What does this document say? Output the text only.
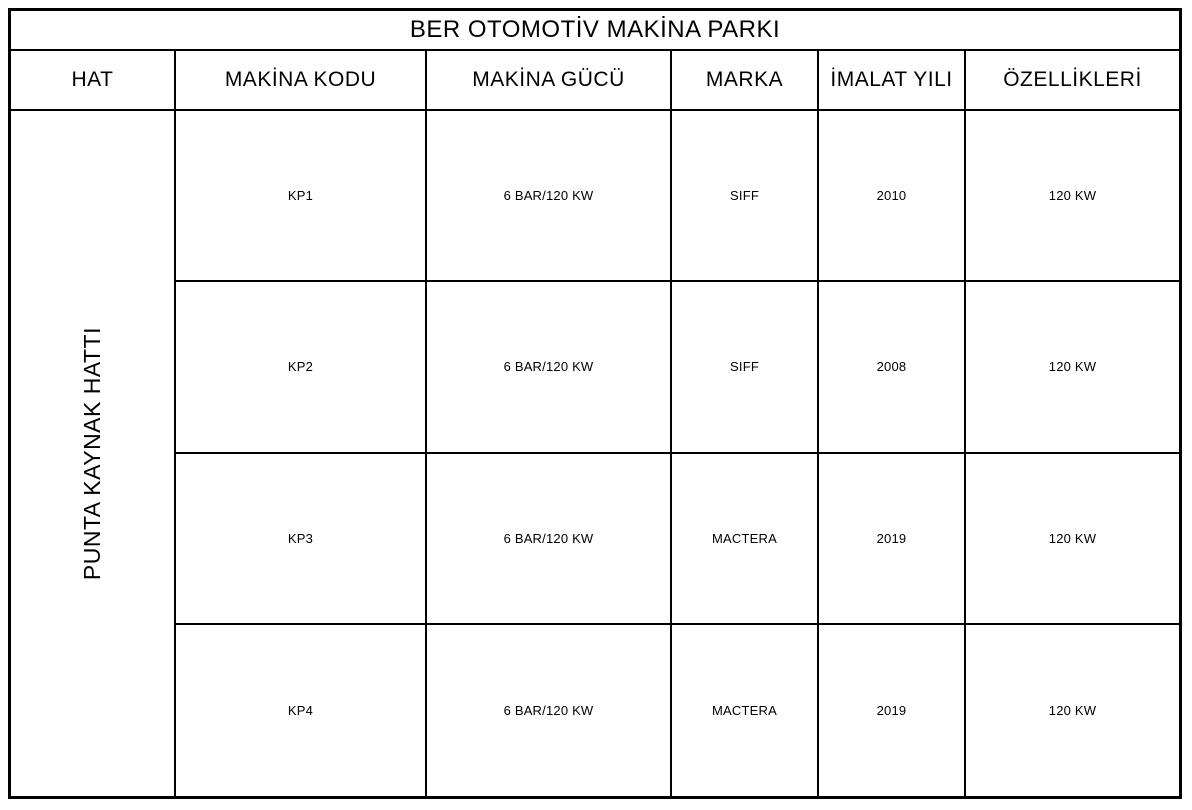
BER OTOMOTİV MAKİNA PARKI
HAT	MAKİNA KODU	MAKİNA GÜCÜ	MARKA	İMALAT YILI	ÖZELLİKLERİ
PUNTA KAYNAK HATTI
KP1	6 BAR/120 KW	SIFF	2010	120 KW
KP2	6 BAR/120 KW	SIFF	2008	120 KW
KP3	6 BAR/120 KW	MACTERA	2019	120 KW
KP4	6 BAR/120 KW	MACTERA	2019	120 KW
